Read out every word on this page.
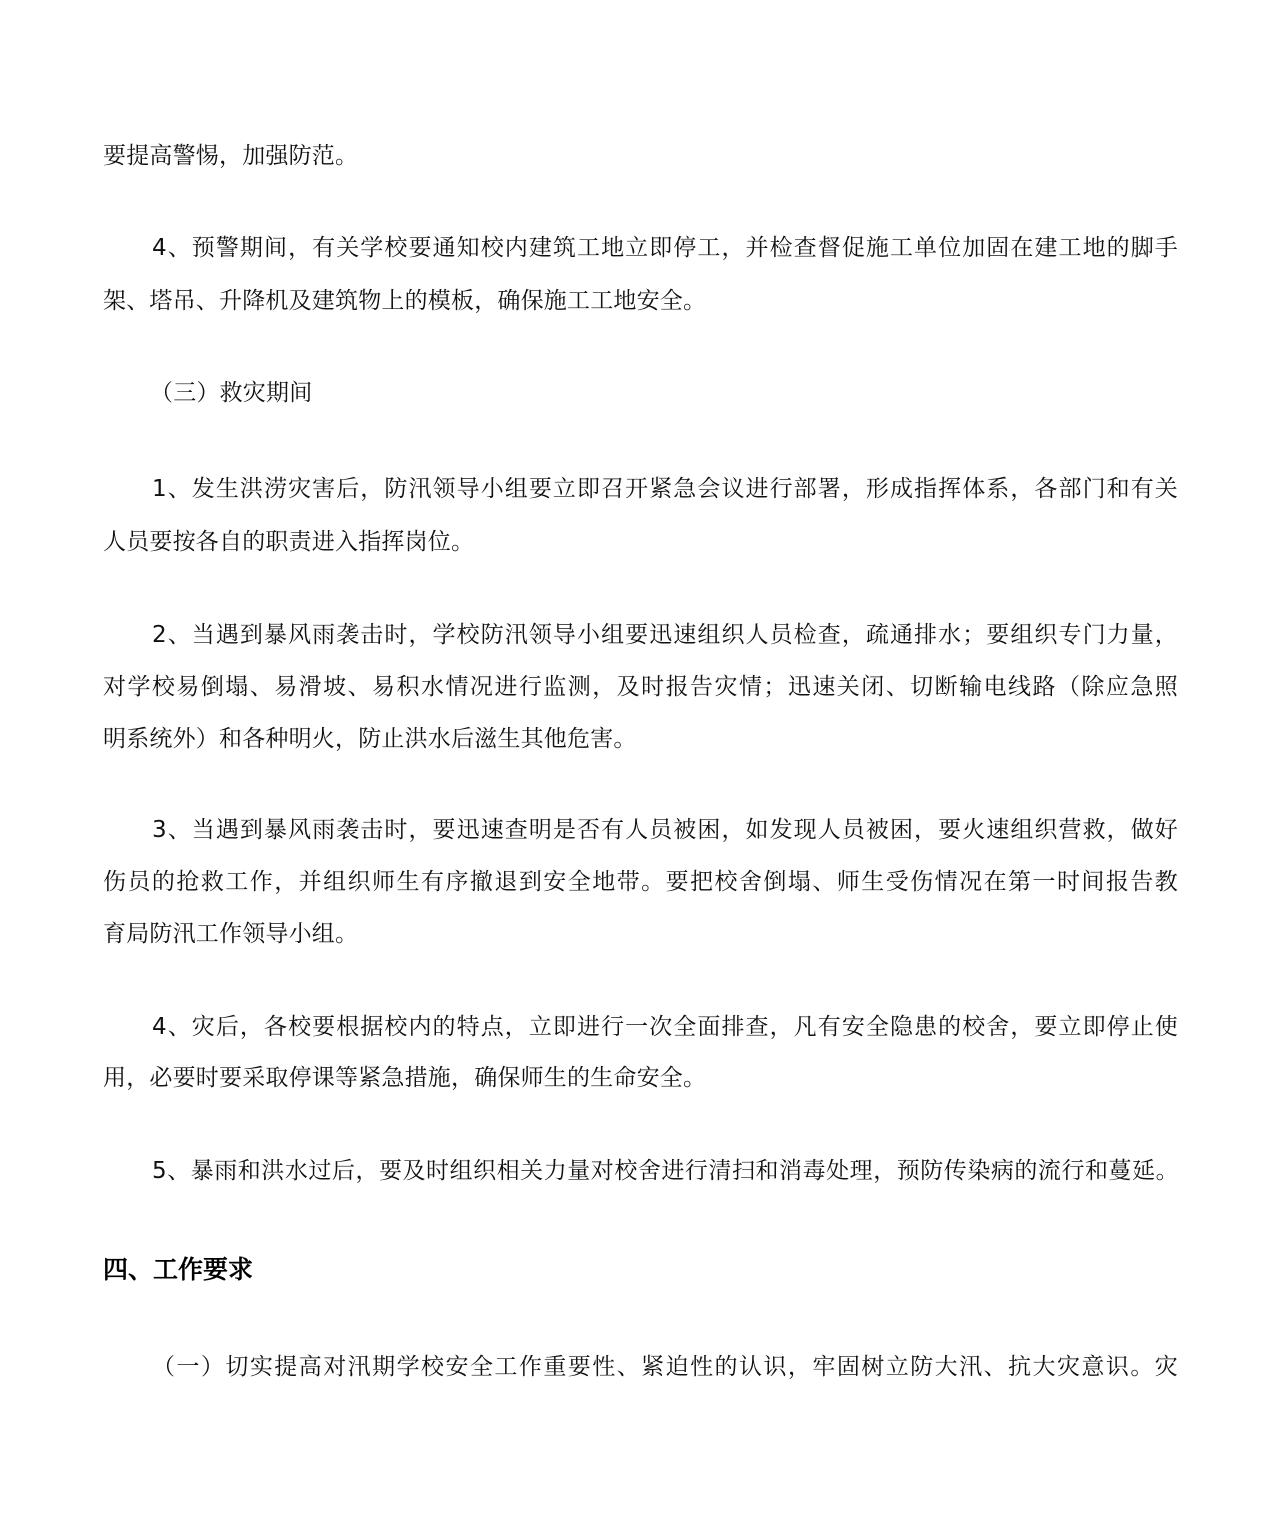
要提高警惕，加强防范。
4、预警期间，有关学校要通知校内建筑工地立即停工，并检查督促施工单位加固在建工地的脚手
架、塔吊、升降机及建筑物上的模板，确保施工工地安全。
（三）救灾期间
1、发生洪涝灾害后，防汛领导小组要立即召开紧急会议进行部署，形成指挥体系，各部门和有关
人员要按各自的职责进入指挥岗位。
2、当遇到暴风雨袭击时，学校防汛领导小组要迅速组织人员检查，疏通排水；要组织专门力量，
对学校易倒塌、易滑坡、易积水情况进行监测，及时报告灾情；迅速关闭、切断输电线路（除应急照
明系统外）和各种明火，防止洪水后滋生其他危害。
3、当遇到暴风雨袭击时，要迅速查明是否有人员被困，如发现人员被困，要火速组织营救，做好
伤员的抢救工作，并组织师生有序撤退到安全地带。要把校舍倒塌、师生受伤情况在第一时间报告教
育局防汛工作领导小组。
4、灾后，各校要根据校内的特点，立即进行一次全面排查，凡有安全隐患的校舍，要立即停止使
用，必要时要采取停课等紧急措施，确保师生的生命安全。
5、暴雨和洪水过后，要及时组织相关力量对校舍进行清扫和消毒处理，预防传染病的流行和蔓延。
四、工作要求
（一）切实提高对汛期学校安全工作重要性、紧迫性的认识，牢固树立防大汛、抗大灾意识。灾
